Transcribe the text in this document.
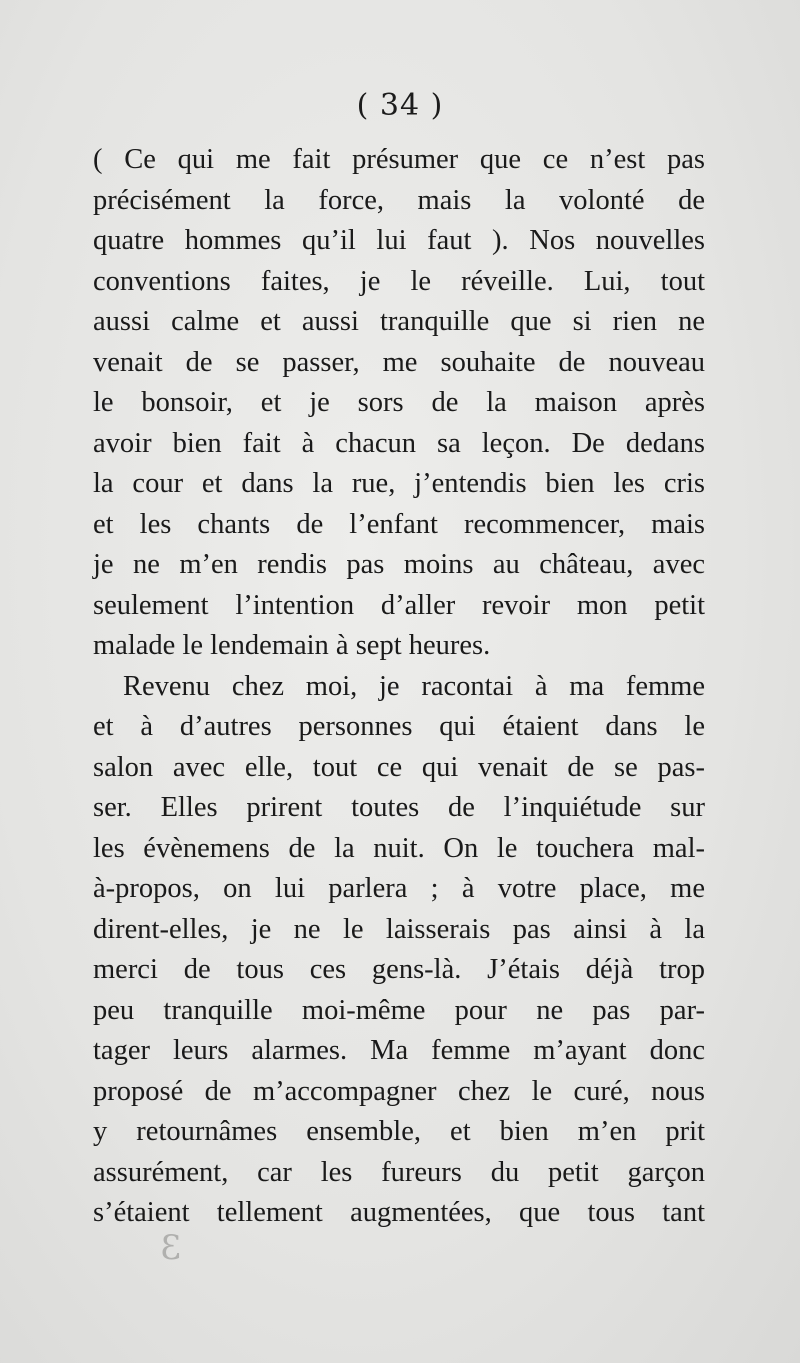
( 34 )
( Ce qui me fait présumer que ce n’est pas
précisément la force, mais la volonté de
quatre hommes qu’il lui faut ). Nos nouvelles
conventions faites, je le réveille. Lui, tout
aussi calme et aussi tranquille que si rien ne
venait de se passer, me souhaite de nouveau
le bonsoir, et je sors de la maison après
avoir bien fait à chacun sa leçon. De dedans
la cour et dans la rue, j’entendis bien les cris
et les chants de l’enfant recommencer, mais
je ne m’en rendis pas moins au château, avec
seulement l’intention d’aller revoir mon petit
malade le lendemain à sept heures.
Revenu chez moi, je racontai à ma femme
et à d’autres personnes qui étaient dans le
salon avec elle, tout ce qui venait de se pas-
ser. Elles prirent toutes de l’inquiétude sur
les évènemens de la nuit. On le touchera mal-
à-propos, on lui parlera ; à votre place, me
dirent-elles, je ne le laisserais pas ainsi à la
merci de tous ces gens-là. J’étais déjà trop
peu tranquille moi-même pour ne pas par-
tager leurs alarmes. Ma femme m’ayant donc
proposé de m’accompagner chez le curé, nous
y retournâmes ensemble, et bien m’en prit
assurément, car les fureurs du petit garçon
s’étaient tellement augmentées, que tous tant
3
